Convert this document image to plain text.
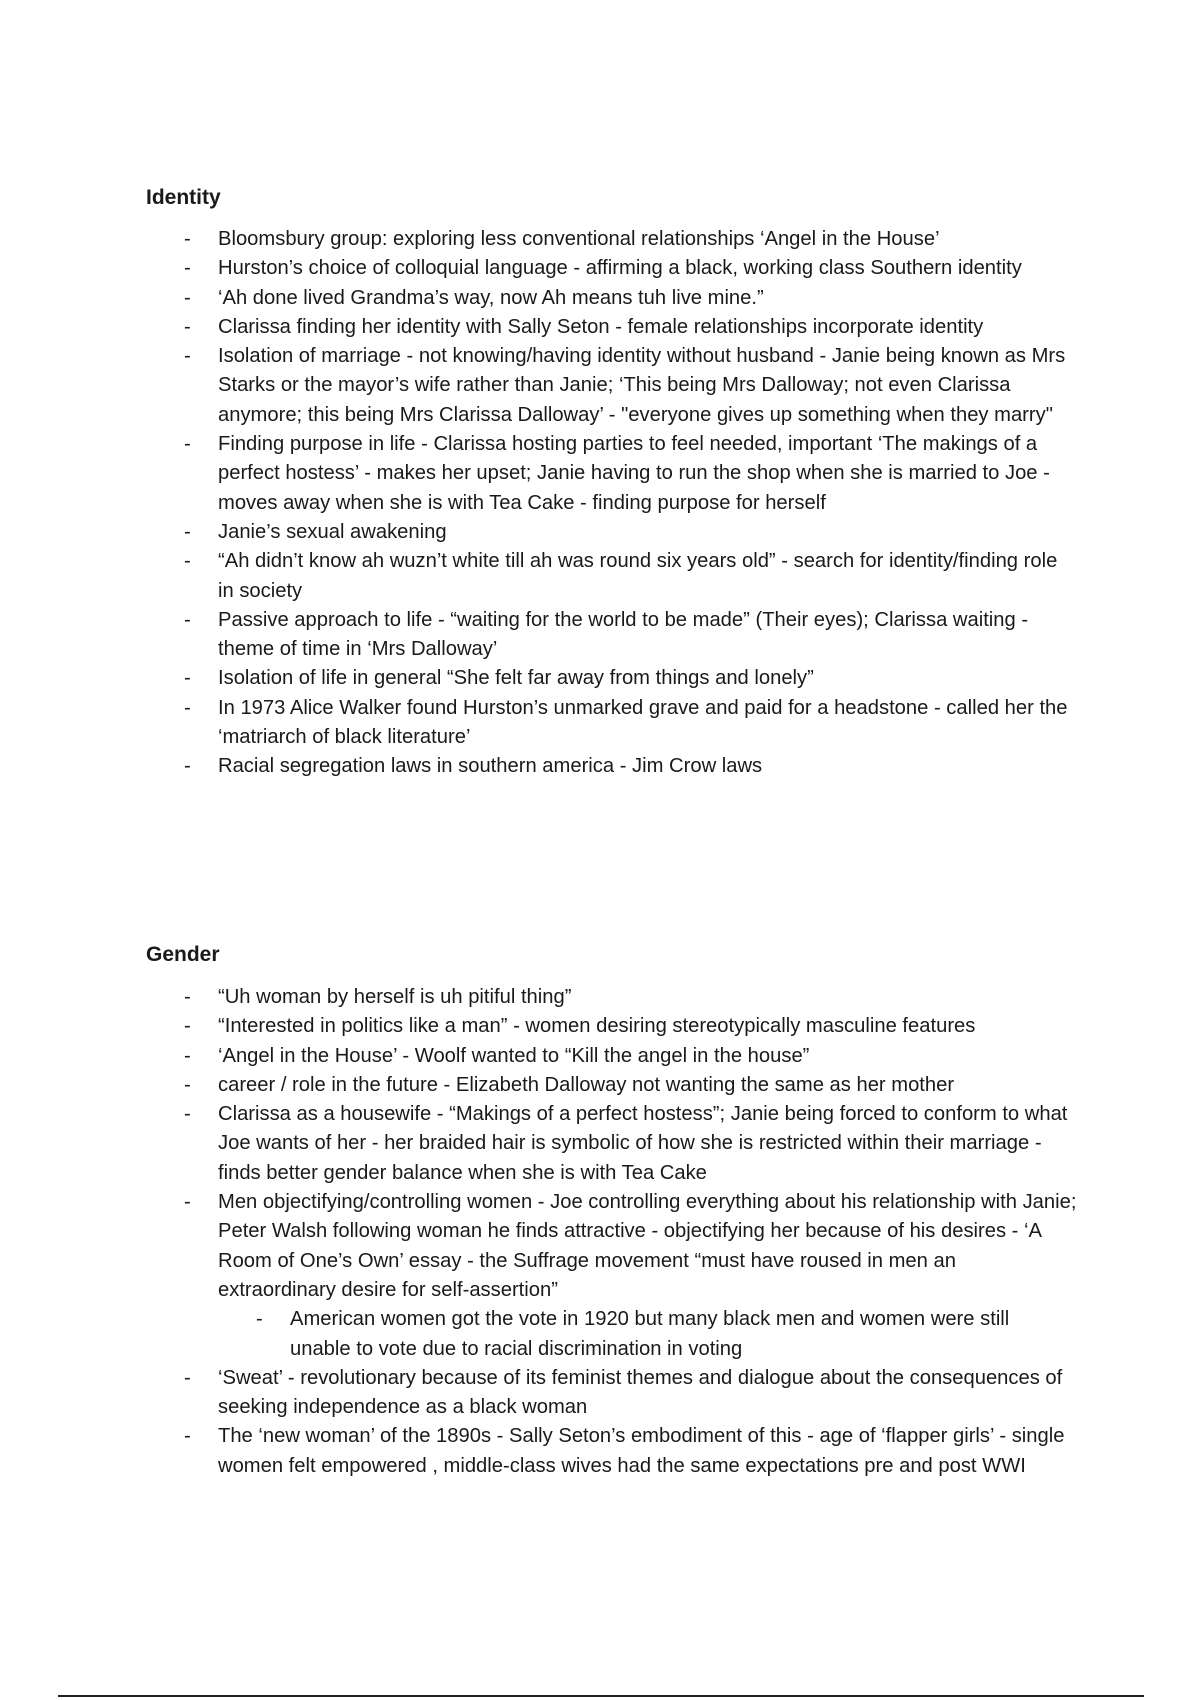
Identity
- Bloomsbury group: exploring less conventional relationships ‘Angel in the House’
- Hurston’s choice of colloquial language - affirming a black, working class Southern identity
- ‘Ah done lived Grandma’s way, now Ah means tuh live mine.”
- Clarissa finding her identity with Sally Seton - female relationships incorporate identity
- Isolation of marriage - not knowing/having identity without husband - Janie being known as Mrs Starks or the mayor’s wife rather than Janie; ‘This being Mrs Dalloway; not even Clarissa anymore; this being Mrs Clarissa Dalloway’ - "everyone gives up something when they marry"
- Finding purpose in life - Clarissa hosting parties to feel needed, important ‘The makings of a perfect hostess’ - makes her upset; Janie having to run the shop when she is married to Joe - moves away when she is with Tea Cake - finding purpose for herself
- Janie’s sexual awakening
- “Ah didn’t know ah wuzn’t white till ah was round six years old” - search for identity/finding role in society
- Passive approach to life - “waiting for the world to be made” (Their eyes); Clarissa waiting - theme of time in ‘Mrs Dalloway’
- Isolation of life in general “She felt far away from things and lonely”
- In 1973 Alice Walker found Hurston’s unmarked grave and paid for a headstone - called her the ‘matriarch of black literature’
- Racial segregation laws in southern america - Jim Crow laws
Gender
- “Uh woman by herself is uh pitiful thing”
- “Interested in politics like a man” - women desiring stereotypically masculine features
- ‘Angel in the House’ - Woolf wanted to “Kill the angel in the house”
- career / role in the future - Elizabeth Dalloway not wanting the same as her mother
- Clarissa as a housewife - “Makings of a perfect hostess”; Janie being forced to conform to what Joe wants of her - her braided hair is symbolic of how she is restricted within their marriage - finds better gender balance when she is with Tea Cake
- Men objectifying/controlling women - Joe controlling everything about his relationship with Janie; Peter Walsh following woman he finds attractive - objectifying her because of his desires - ‘A Room of One’s Own’ essay - the Suffrage movement “must have roused in men an extraordinary desire for self-assertion”
- American women got the vote in 1920 but many black men and women were still unable to vote due to racial discrimination in voting
- ‘Sweat’ - revolutionary because of its feminist themes and dialogue about the consequences of seeking independence as a black woman
- The ‘new woman’ of the 1890s - Sally Seton’s embodiment of this - age of ‘flapper girls’ - single women felt empowered , middle-class wives had the same expectations pre and post WWI
